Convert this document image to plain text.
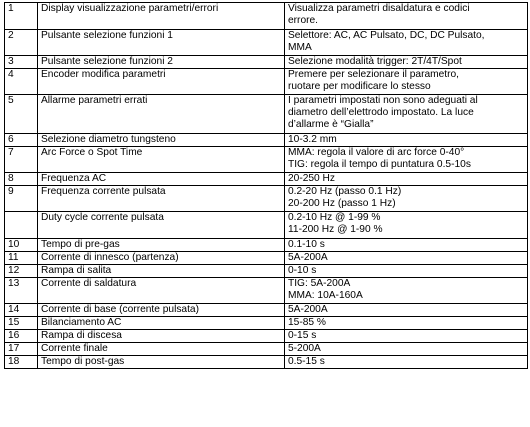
1	Display visualizzazione parametri/errori	Visualizza parametri disaldatura e codici
errore.

2	Pulsante selezione funzioni 1	Selettore: AC, AC Pulsato, DC, DC Pulsato,
MMA

3	Pulsante selezione funzioni 2	Selezione modalità trigger: 2T/4T/Spot

4	Encoder modifica parametri	Premere per selezionare il parametro,
ruotare per modificare lo stesso

5	Allarme parametri errati	I parametri impostati non sono adeguati al
diametro dell’elettrodo impostato. La luce
d’allarme è “Gialla”

6	Selezione diametro tungsteno	10-3.2 mm

7	Arc Force o Spot Time	MMA: regola il valore di arc force 0-40°
TIG: regola il tempo di puntatura 0.5-10s

8	Frequenza AC	20-250 Hz

9	Frequenza corrente pulsata	0.2-20 Hz (passo 0.1 Hz)
20-200 Hz (passo 1 Hz)

	Duty cycle corrente pulsata	0.2-10 Hz @ 1-99 %
11-200 Hz @ 1-90 %

10	Tempo di pre-gas	0.1-10 s

11	Corrente di innesco (partenza)	5A-200A

12	Rampa di salita	0-10 s

13	Corrente di saldatura	TIG: 5A-200A
MMA: 10A-160A

14	Corrente di base (corrente pulsata)	5A-200A

15	Bilanciamento AC	15-85 %

16	Rampa di discesa	0-15 s

17	Corrente finale	5-200A

18	Tempo di post-gas	0.5-15 s
